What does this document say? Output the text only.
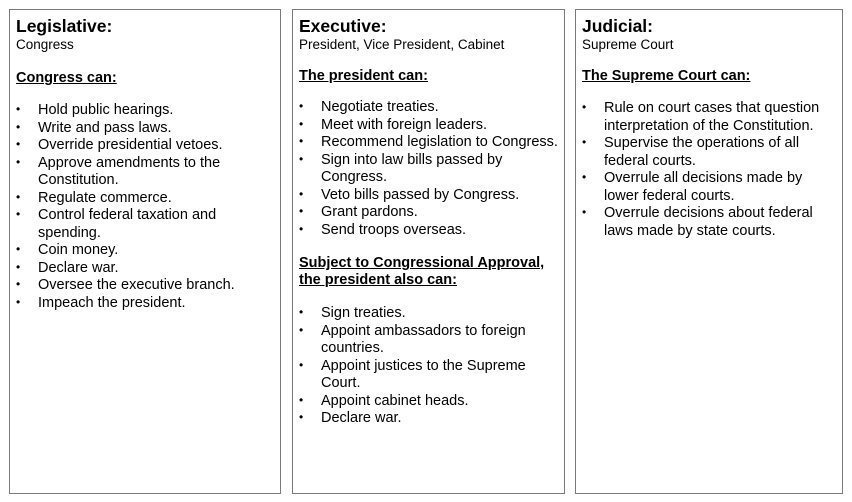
Legislative:

Congress

Congress can:

• Hold public hearings.
• Write and pass laws.
• Override presidential vetoes.
• Approve amendments to the Constitution.
• Regulate commerce.
• Control federal taxation and spending.
• Coin money.
• Declare war.
• Oversee the executive branch.
• Impeach the president.

Executive:

President, Vice President, Cabinet

The president can:

• Negotiate treaties.
• Meet with foreign leaders.
• Recommend legislation to Congress.
• Sign into law bills passed by Congress.
• Veto bills passed by Congress.
• Grant pardons.
• Send troops overseas.

Subject to Congressional Approval, the president also can:

• Sign treaties.
• Appoint ambassadors to foreign countries.
• Appoint justices to the Supreme Court.
• Appoint cabinet heads.
• Declare war.

Judicial:

Supreme Court

The Supreme Court can:

• Rule on court cases that question interpretation of the Constitution.
• Supervise the operations of all federal courts.
• Overrule all decisions made by lower federal courts.
• Overrule decisions about federal laws made by state courts.
